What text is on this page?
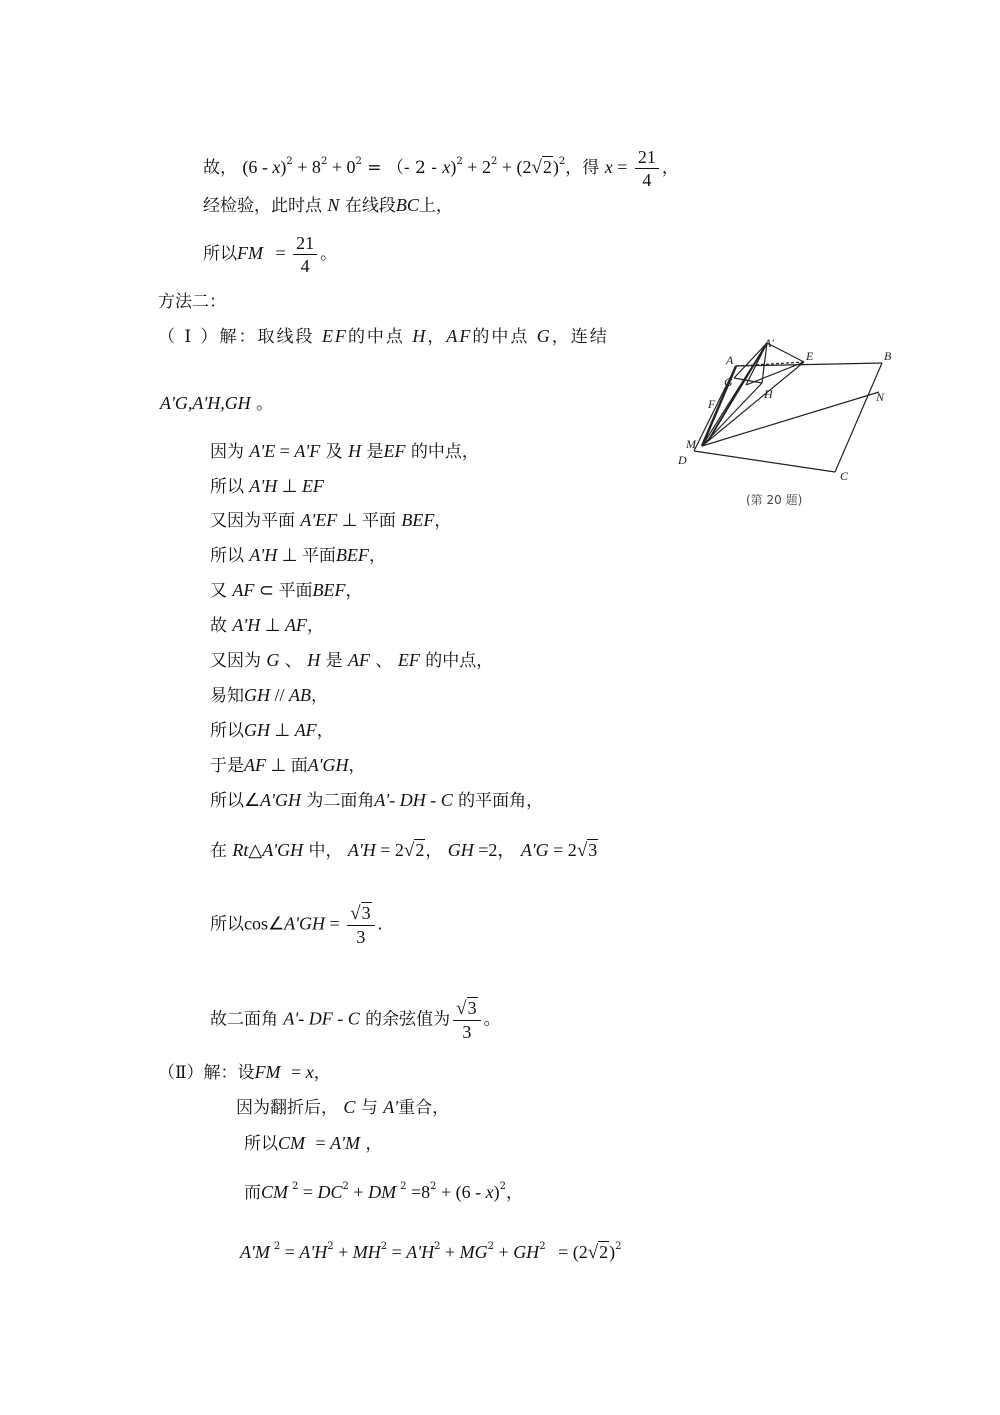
故， $(6 - x)^2 + 8^2 + 0^2$ = （- $2 - x)^2 + 2^2 + (2√2)^2$，得 $x = \frac{21}{4}$ ，
经检验，此时点 N 在线段BC上，
所以FM = $\frac{21}{4}$ 。
方法二：
（ Ⅰ ）解：取线段 EF的中点 H，AF的中点 G，连结
A'G,A'H,GH 。
因为 A'E = A'F 及 H 是EF 的中点，
所以 A'H ⊥ EF
又因为平面 A'EF ⊥ 平面 BEF，
所以 A'H ⊥ 平面BEF，
又 AF ⊂ 平面BEF，
故 A'H ⊥ AF，
又因为 G 、 H 是 AF 、 EF 的中点，
易知GH // AB，
所以GH ⊥ AF，
于是AF ⊥ 面A'GH，
所以∠A'GH 为二面角A'- DH - C 的平面角，
在 Rt△A'GH 中， A'H = 2√2， GH =2， A'G = 2√3
所以cos∠A'GH = $\frac{√3}{3}$ .
故二面角 A'- DF - C 的余弦值为 $\frac{√3}{3}$ 。
（Ⅱ）解：设FM = x，
因为翻折后， C 与 A'重合，
所以CM = A'M ，
而CM $^2 = DC^2$ + DM $^2 =8^2 + (6 - x)^2$，
A'M $^2 = A'H^2 + MH^2 = A'H^2 + MG^2 + GH^2 = (2√2)^2$
A'
A	E	B
G
H
F	N
M
D
C
(第 20 题)
